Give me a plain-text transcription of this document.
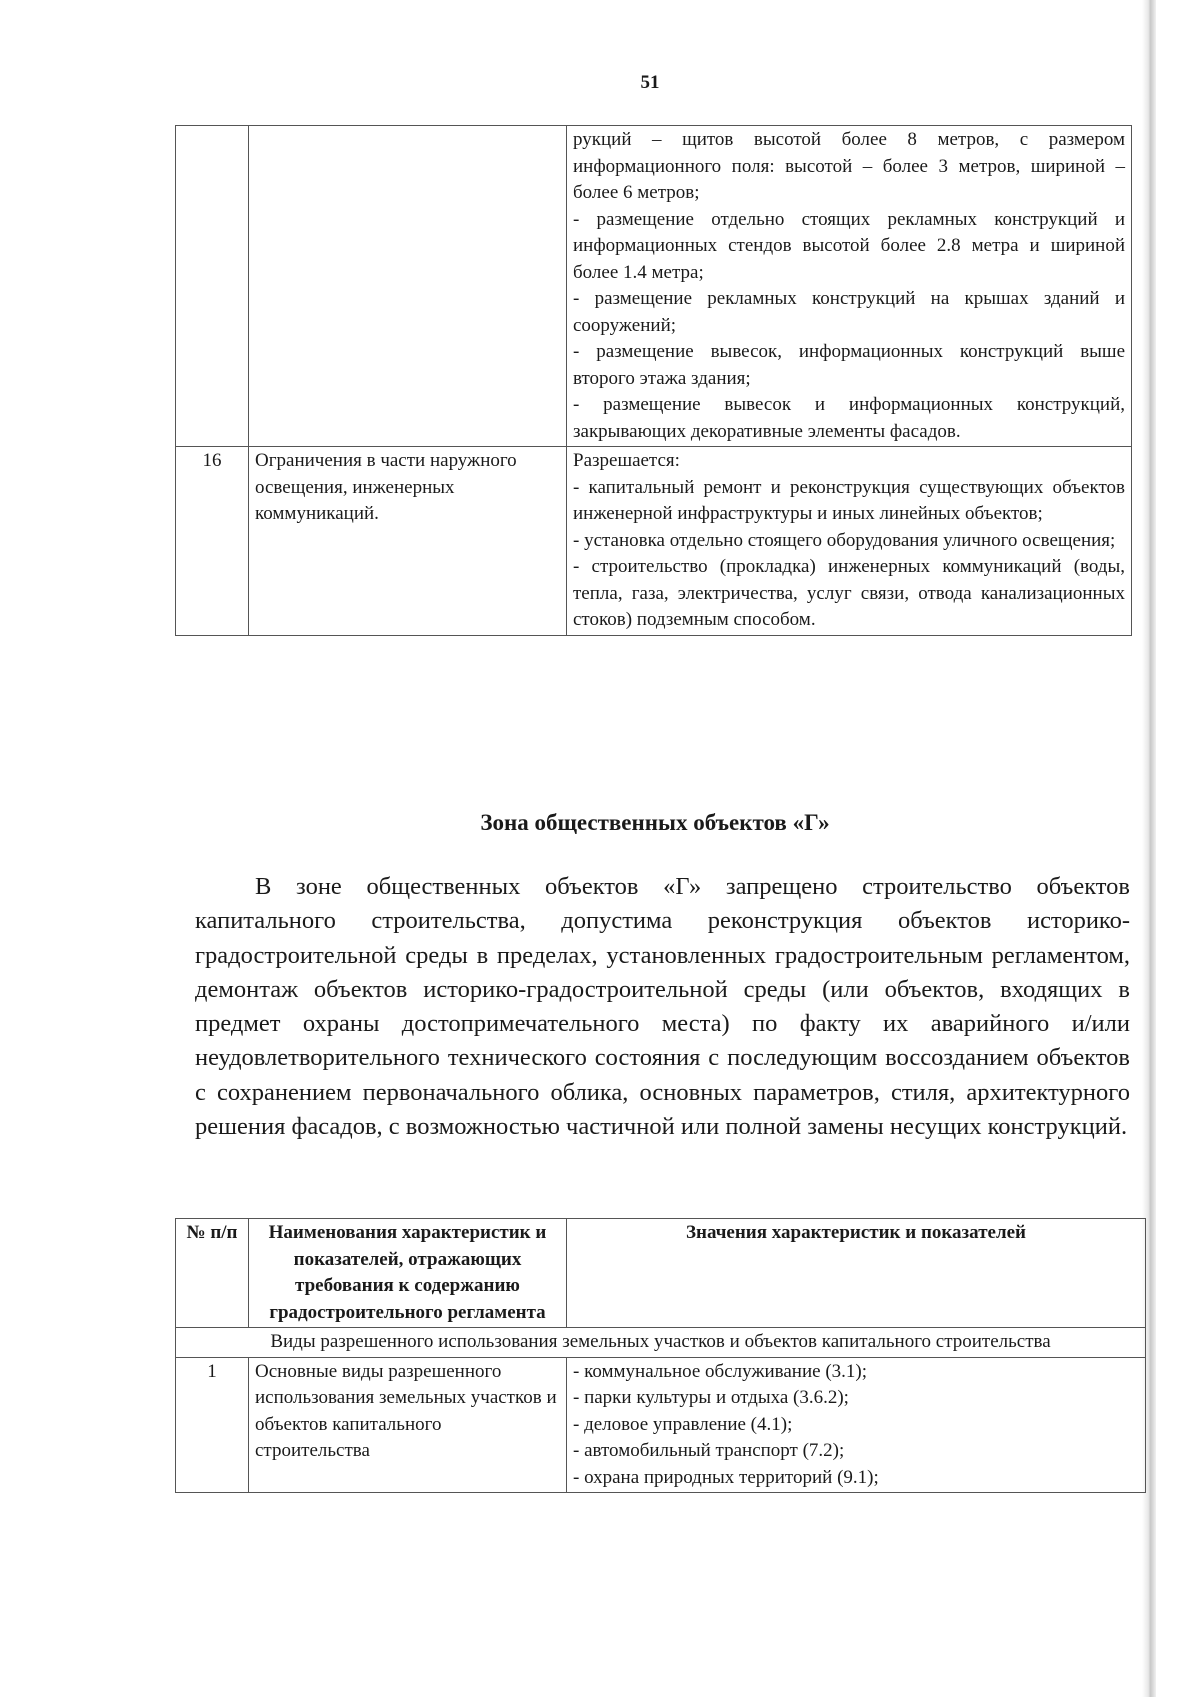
51

		рукций – щитов высотой более 8 метров, с размером информационного поля: высотой – более 3 метров, шириной – более 6 метров;
- размещение отдельно стоящих рекламных конструкций и информационных стендов высотой более 2.8 метра и шириной более 1.4 метра;
- размещение рекламных конструкций на крышах зданий и сооружений;
- размещение вывесок, информационных конструкций выше второго этажа здания;
- размещение вывесок и информационных конструкций, закрывающих декоративные элементы фасадов.

16	Ограничения в части наружного освещения, инженерных коммуникаций.	Разрешается:
- капитальный ремонт и реконструкция существующих объектов инженерной инфраструктуры и иных линейных объектов;
- установка отдельно стоящего оборудования уличного освещения;
- строительство (прокладка) инженерных коммуникаций (воды, тепла, газа, электричества, услуг связи, отвода канализационных стоков) подземным способом.
Зона общественных объектов «Г»
В зоне общественных объектов «Г» запрещено строительство объектов капитального строительства, допустима реконструкция объектов историко-градостроительной среды в пределах, установленных градостроительным регламентом, демонтаж объектов историко-градостроительной среды (или объектов, входящих в предмет охраны достопримечательного места) по факту их аварийного и/или неудовлетворительного технического состояния с последующим воссозданием объектов с сохранением первоначального облика, основных параметров, стиля, архитектурного решения фасадов, с возможностью частичной или полной замены несущих конструкций.
№ п/п	Наименования характеристик и показателей, отражающих требования к содержанию градостроительного регламента	Значения характеристик и показателей
Виды разрешенного использования земельных участков и объектов капитального строительства		
1	Основные виды разрешенного использования земельных участков и объектов капитального строительства	- коммунальное обслуживание (3.1);
- парки культуры и отдыха (3.6.2);
- деловое управление (4.1);
- автомобильный транспорт (7.2);
- охрана природных территорий (9.1);
